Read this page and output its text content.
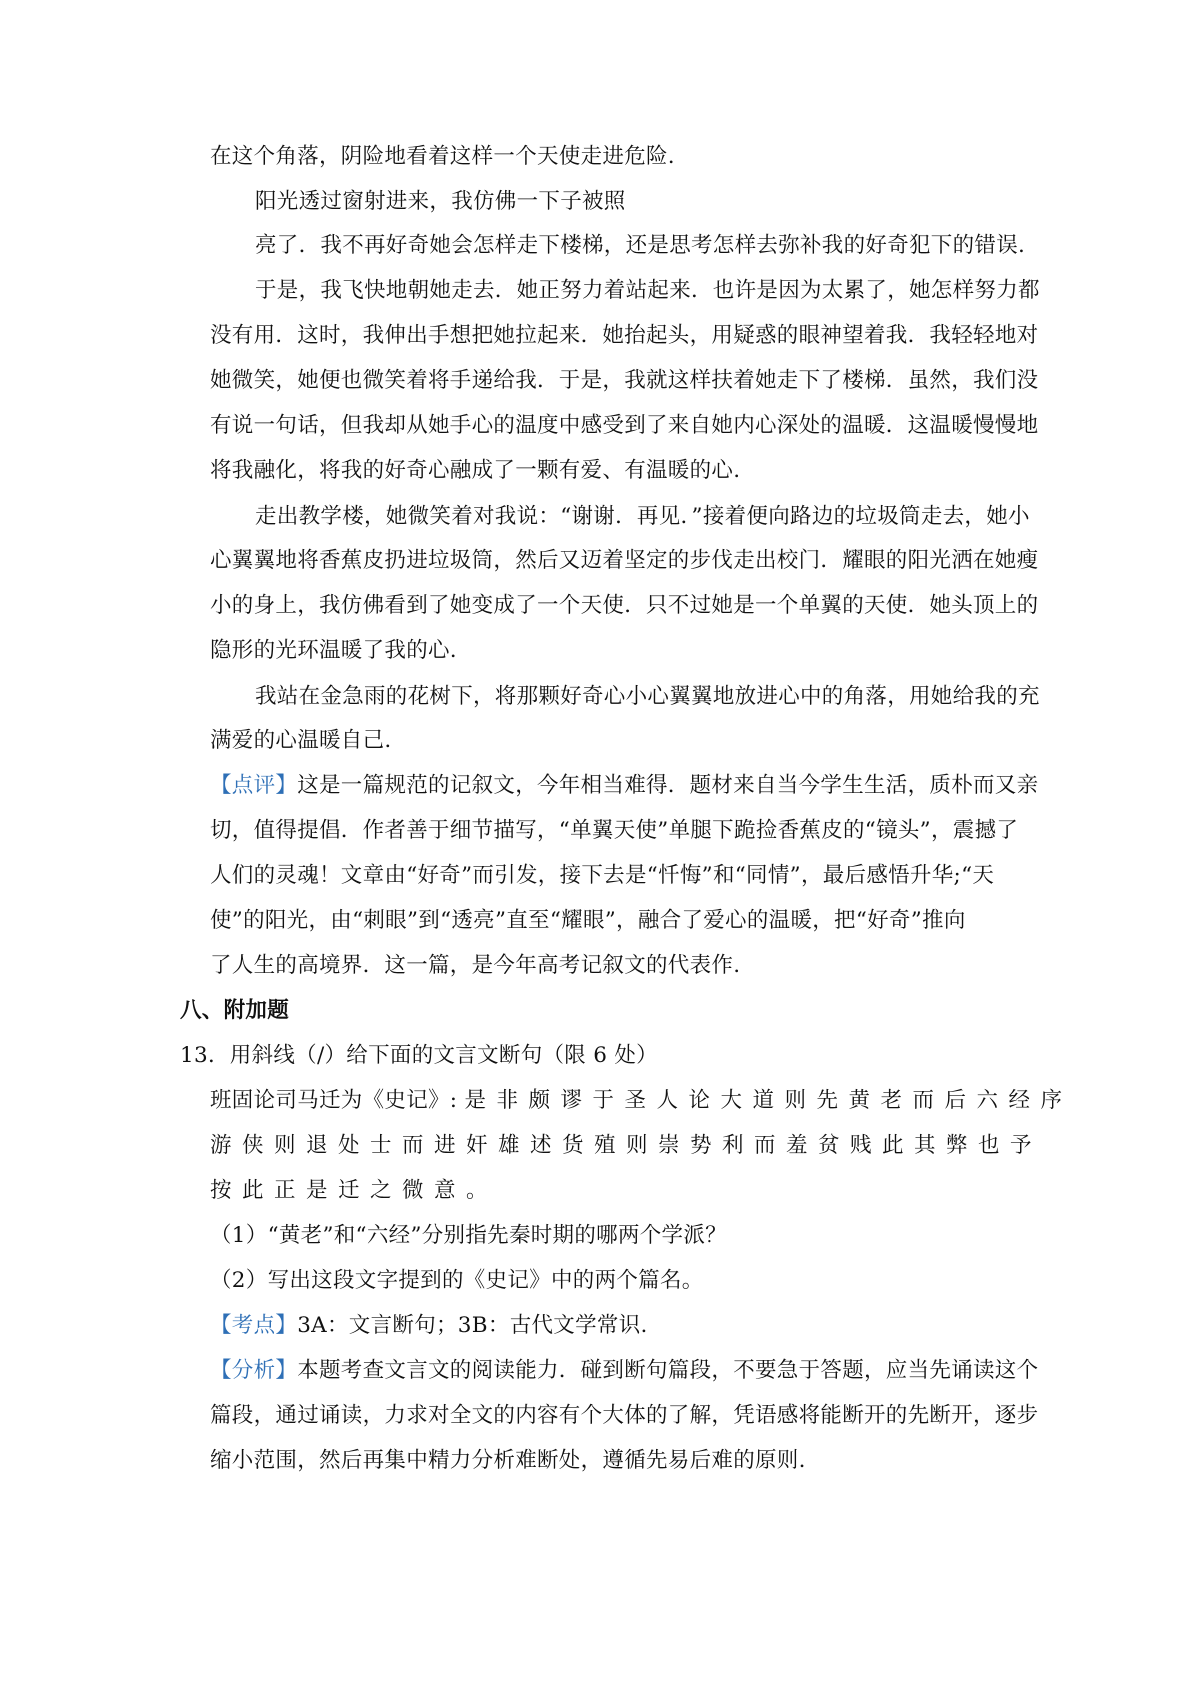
在这个角落，阴险地看着这样一个天使走进危险.
阳光透过窗射进来，我仿佛一下子被照
亮了．我不再好奇她会怎样走下楼梯，还是思考怎样去弥补我的好奇犯下的错误.
于是，我飞快地朝她走去．她正努力着站起来．也许是因为太累了，她怎样努力都
没有用．这时，我伸出手想把她拉起来．她抬起头，用疑惑的眼神望着我．我轻轻地对
她微笑，她便也微笑着将手递给我．于是，我就这样扶着她走下了楼梯．虽然，我们没
有说一句话，但我却从她手心的温度中感受到了来自她内心深处的温暖．这温暖慢慢地
将我融化，将我的好奇心融成了一颗有爱、有温暖的心.
走出教学楼，她微笑着对我说：“谢谢．再见．”接着便向路边的垃圾筒走去，她小
心翼翼地将香蕉皮扔进垃圾筒，然后又迈着坚定的步伐走出校门．耀眼的阳光洒在她瘦
小的身上，我仿佛看到了她变成了一个天使．只不过她是一个单翼的天使．她头顶上的
隐形的光环温暖了我的心.
我站在金急雨的花树下，将那颗好奇心小心翼翼地放进心中的角落，用她给我的充
满爱的心温暖自己.
【点评】这是一篇规范的记叙文，今年相当难得．题材来自当今学生生活，质朴而又亲
切，值得提倡．作者善于细节描写，“单翼天使”单腿下跪捡香蕉皮的“镜头”，震撼了
人们的灵魂！文章由“好奇”而引发，接下去是“忏悔”和“同情”，最后感悟升华;“天
使”的阳光，由“刺眼”到“透亮”直至“耀眼”，融合了爱心的温暖，把“好奇”推向
了人生的高境界．这一篇，是今年高考记叙文的代表作.
八、附加题
13．用斜线（/）给下面的文言文断句（限 6 处）
班固论司马迁为《史记》: 是非颇谬于圣人论大道则先黄老而后六经序
游侠则退处士而进奸雄述货殖则崇势利而羞贫贱此其弊也予
按此正是迁之微意。
（1）“黄老”和“六经”分别指先秦时期的哪两个学派？
（2）写出这段文字提到的《史记》中的两个篇名。
【考点】3A：文言断句；3B：古代文学常识.
【分析】本题考查文言文的阅读能力．碰到断句篇段，不要急于答题，应当先诵读这个
篇段，通过诵读，力求对全文的内容有个大体的了解，凭语感将能断开的先断开，逐步
缩小范围，然后再集中精力分析难断处，遵循先易后难的原则.
